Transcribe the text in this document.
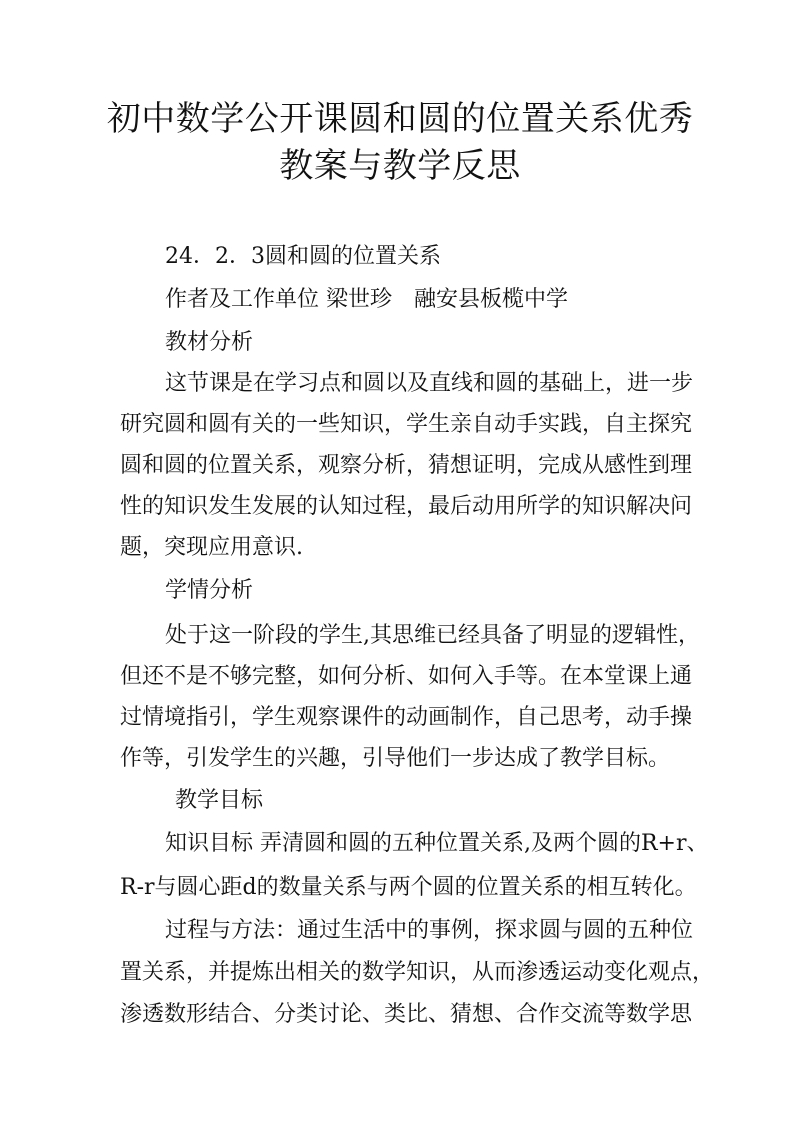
初中数学公开课圆和圆的位置关系优秀
教案与教学反思
24．2．3圆和圆的位置关系
作者及工作单位 梁世珍　融安县板榄中学
教材分析
这节课是在学习点和圆以及直线和圆的基础上，进一步
研究圆和圆有关的一些知识，学生亲自动手实践，自主探究
圆和圆的位置关系，观察分析，猜想证明，完成从感性到理
性的知识发生发展的认知过程，最后动用所学的知识解决问
题，突现应用意识.
学情分析
处于这一阶段的学生,其思维已经具备了明显的逻辑性，
但还不是不够完整，如何分析、如何入手等。在本堂课上通
过情境指引，学生观察课件的动画制作，自己思考，动手操
作等，引发学生的兴趣，引导他们一步达成了教学目标。
教学目标
知识目标 弄清圆和圆的五种位置关系,及两个圆的R+r、
R-r与圆心距d的数量关系与两个圆的位置关系的相互转化。
过程与方法：通过生活中的事例，探求圆与圆的五种位
置关系，并提炼出相关的数学知识，从而渗透运动变化观点，
渗透数形结合、分类讨论、类比、猜想、合作交流等数学思
